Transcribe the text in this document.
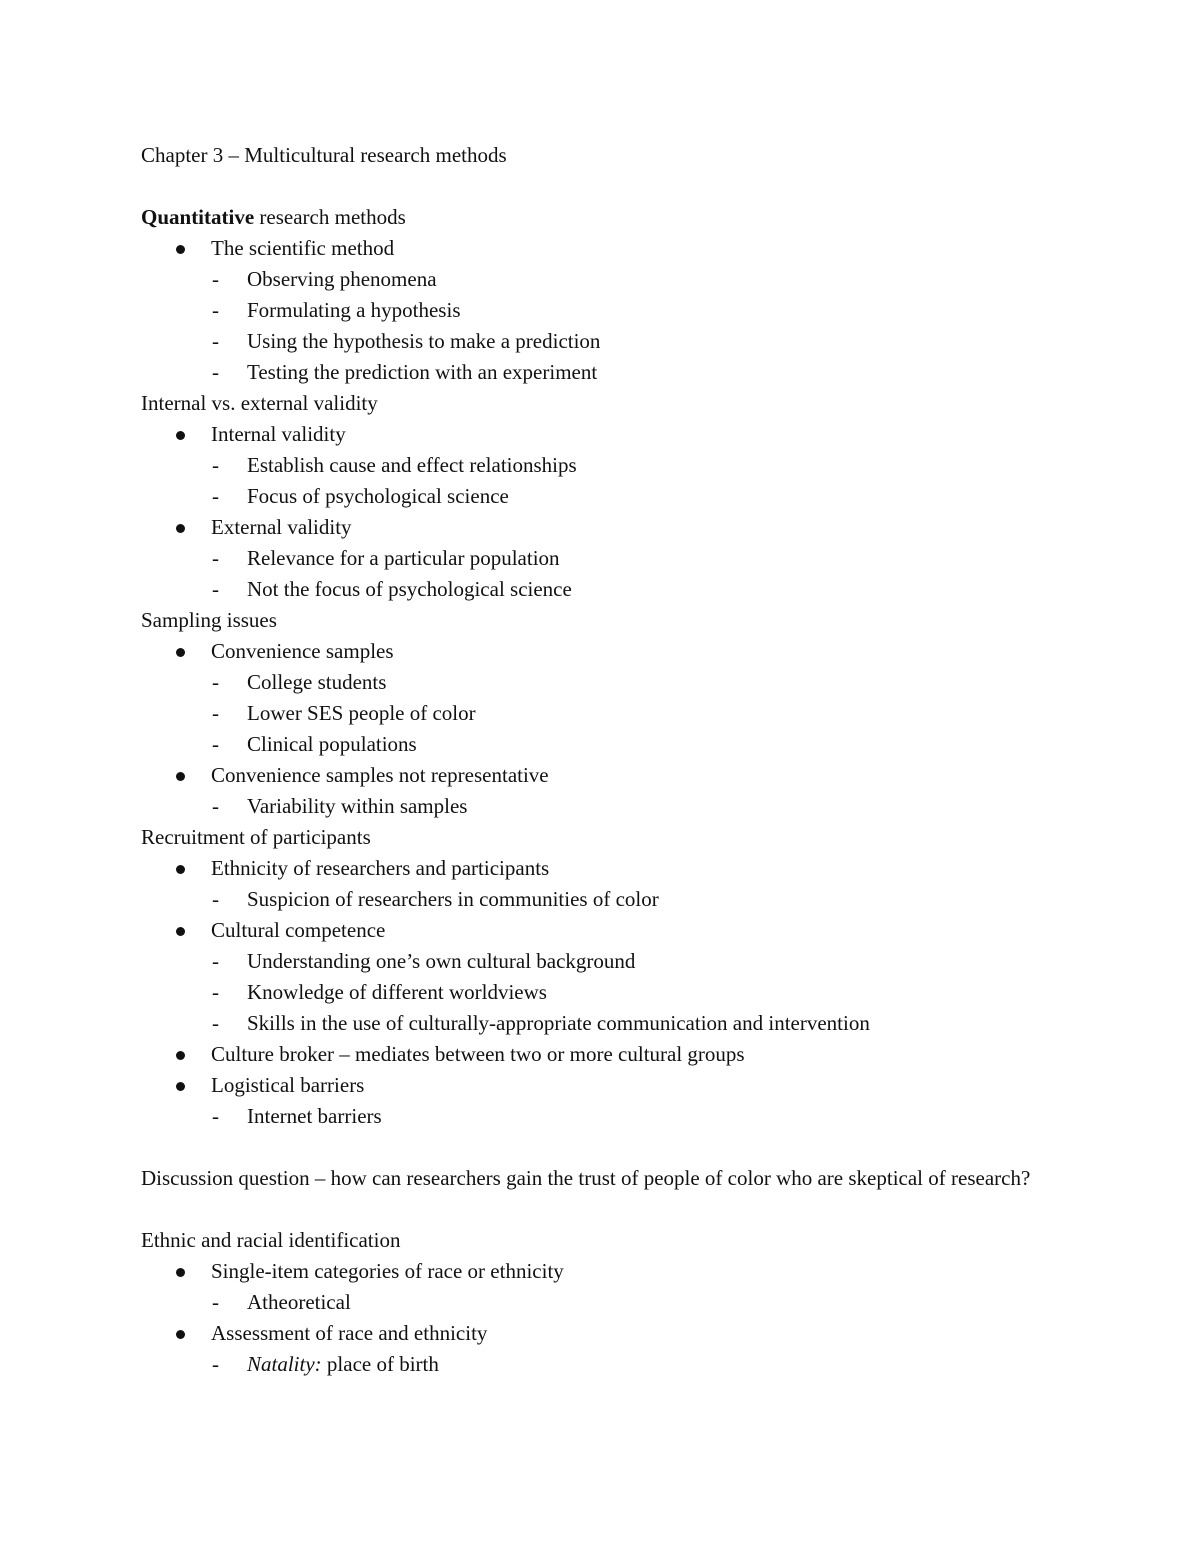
Chapter 3 – Multicultural research methods
Quantitative research methods
The scientific method
- Observing phenomena
- Formulating a hypothesis
- Using the hypothesis to make a prediction
- Testing the prediction with an experiment
Internal vs. external validity
Internal validity
- Establish cause and effect relationships
- Focus of psychological science
External validity
- Relevance for a particular population
- Not the focus of psychological science
Sampling issues
Convenience samples
- College students
- Lower SES people of color
- Clinical populations
Convenience samples not representative
- Variability within samples
Recruitment of participants
Ethnicity of researchers and participants
- Suspicion of researchers in communities of color
Cultural competence
- Understanding one’s own cultural background
- Knowledge of different worldviews
- Skills in the use of culturally-appropriate communication and intervention
Culture broker – mediates between two or more cultural groups
Logistical barriers
- Internet barriers
Discussion question – how can researchers gain the trust of people of color who are skeptical of research?
Ethnic and racial identification
Single-item categories of race or ethnicity
- Atheoretical
Assessment of race and ethnicity
- Natality: place of birth
